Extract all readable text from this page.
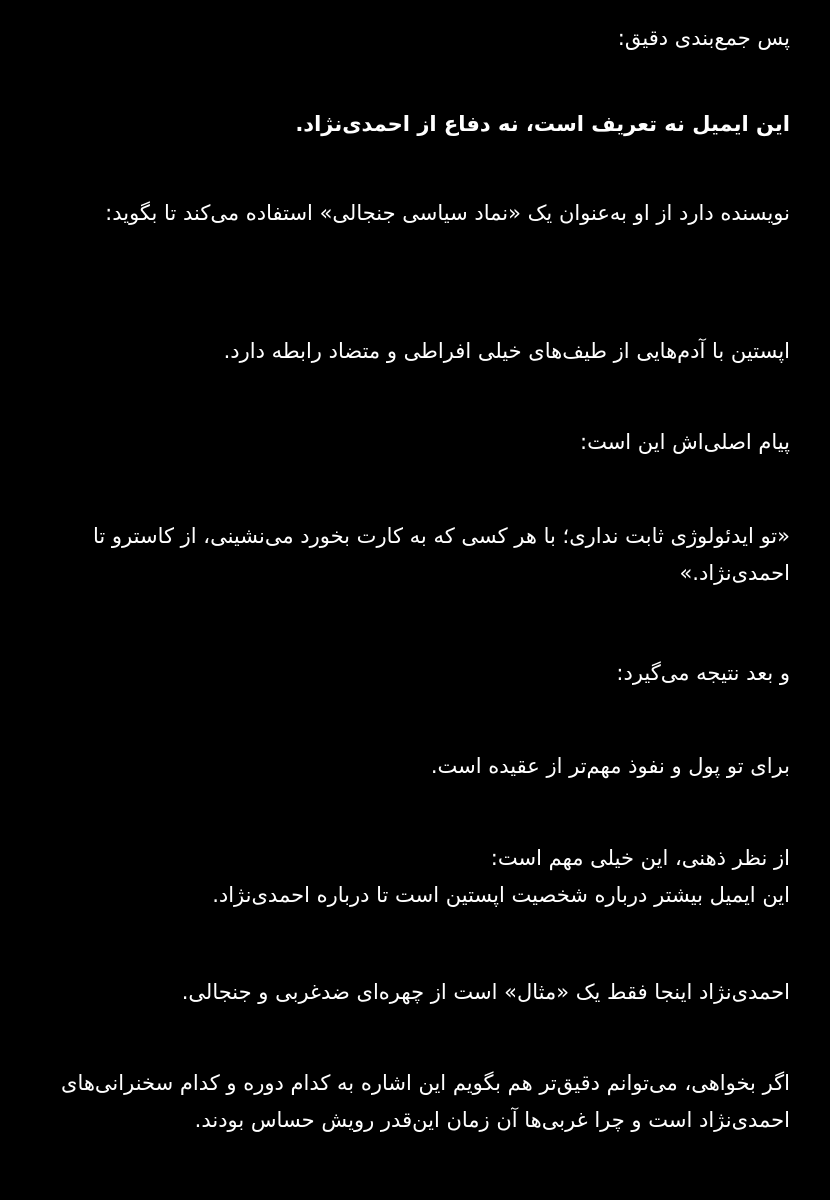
پس جمع‌بندی دقیق:
این ایمیل نه تعریف است، نه دفاع از احمدی‌نژاد.
نویسنده دارد از او به‌عنوان یک «نماد سیاسی جنجالی» استفاده می‌کند تا بگوید:
اپستین با آدم‌هایی از طیف‌های خیلی افراطی و متضاد رابطه دارد.
پیام اصلی‌اش این است:
«تو ایدئولوژی ثابت نداری؛ با هر کسی که به کارت بخورد می‌نشینی، از کاسترو تا احمدی‌نژاد.»
و بعد نتیجه می‌گیرد:
برای تو پول و نفوذ مهم‌تر از عقیده است.
از نظر ذهنی، این خیلی مهم است:
این ایمیل بیشتر درباره شخصیت اپستین است تا درباره احمدی‌نژاد.
احمدی‌نژاد اینجا فقط یک «مثال» است از چهره‌ای ضدغربی و جنجالی.
اگر بخواهی، می‌توانم دقیق‌تر هم بگویم این اشاره به کدام دوره و کدام سخنرانی‌های احمدی‌نژاد است و چرا غربی‌ها آن زمان این‌قدر رویش حساس بودند.
